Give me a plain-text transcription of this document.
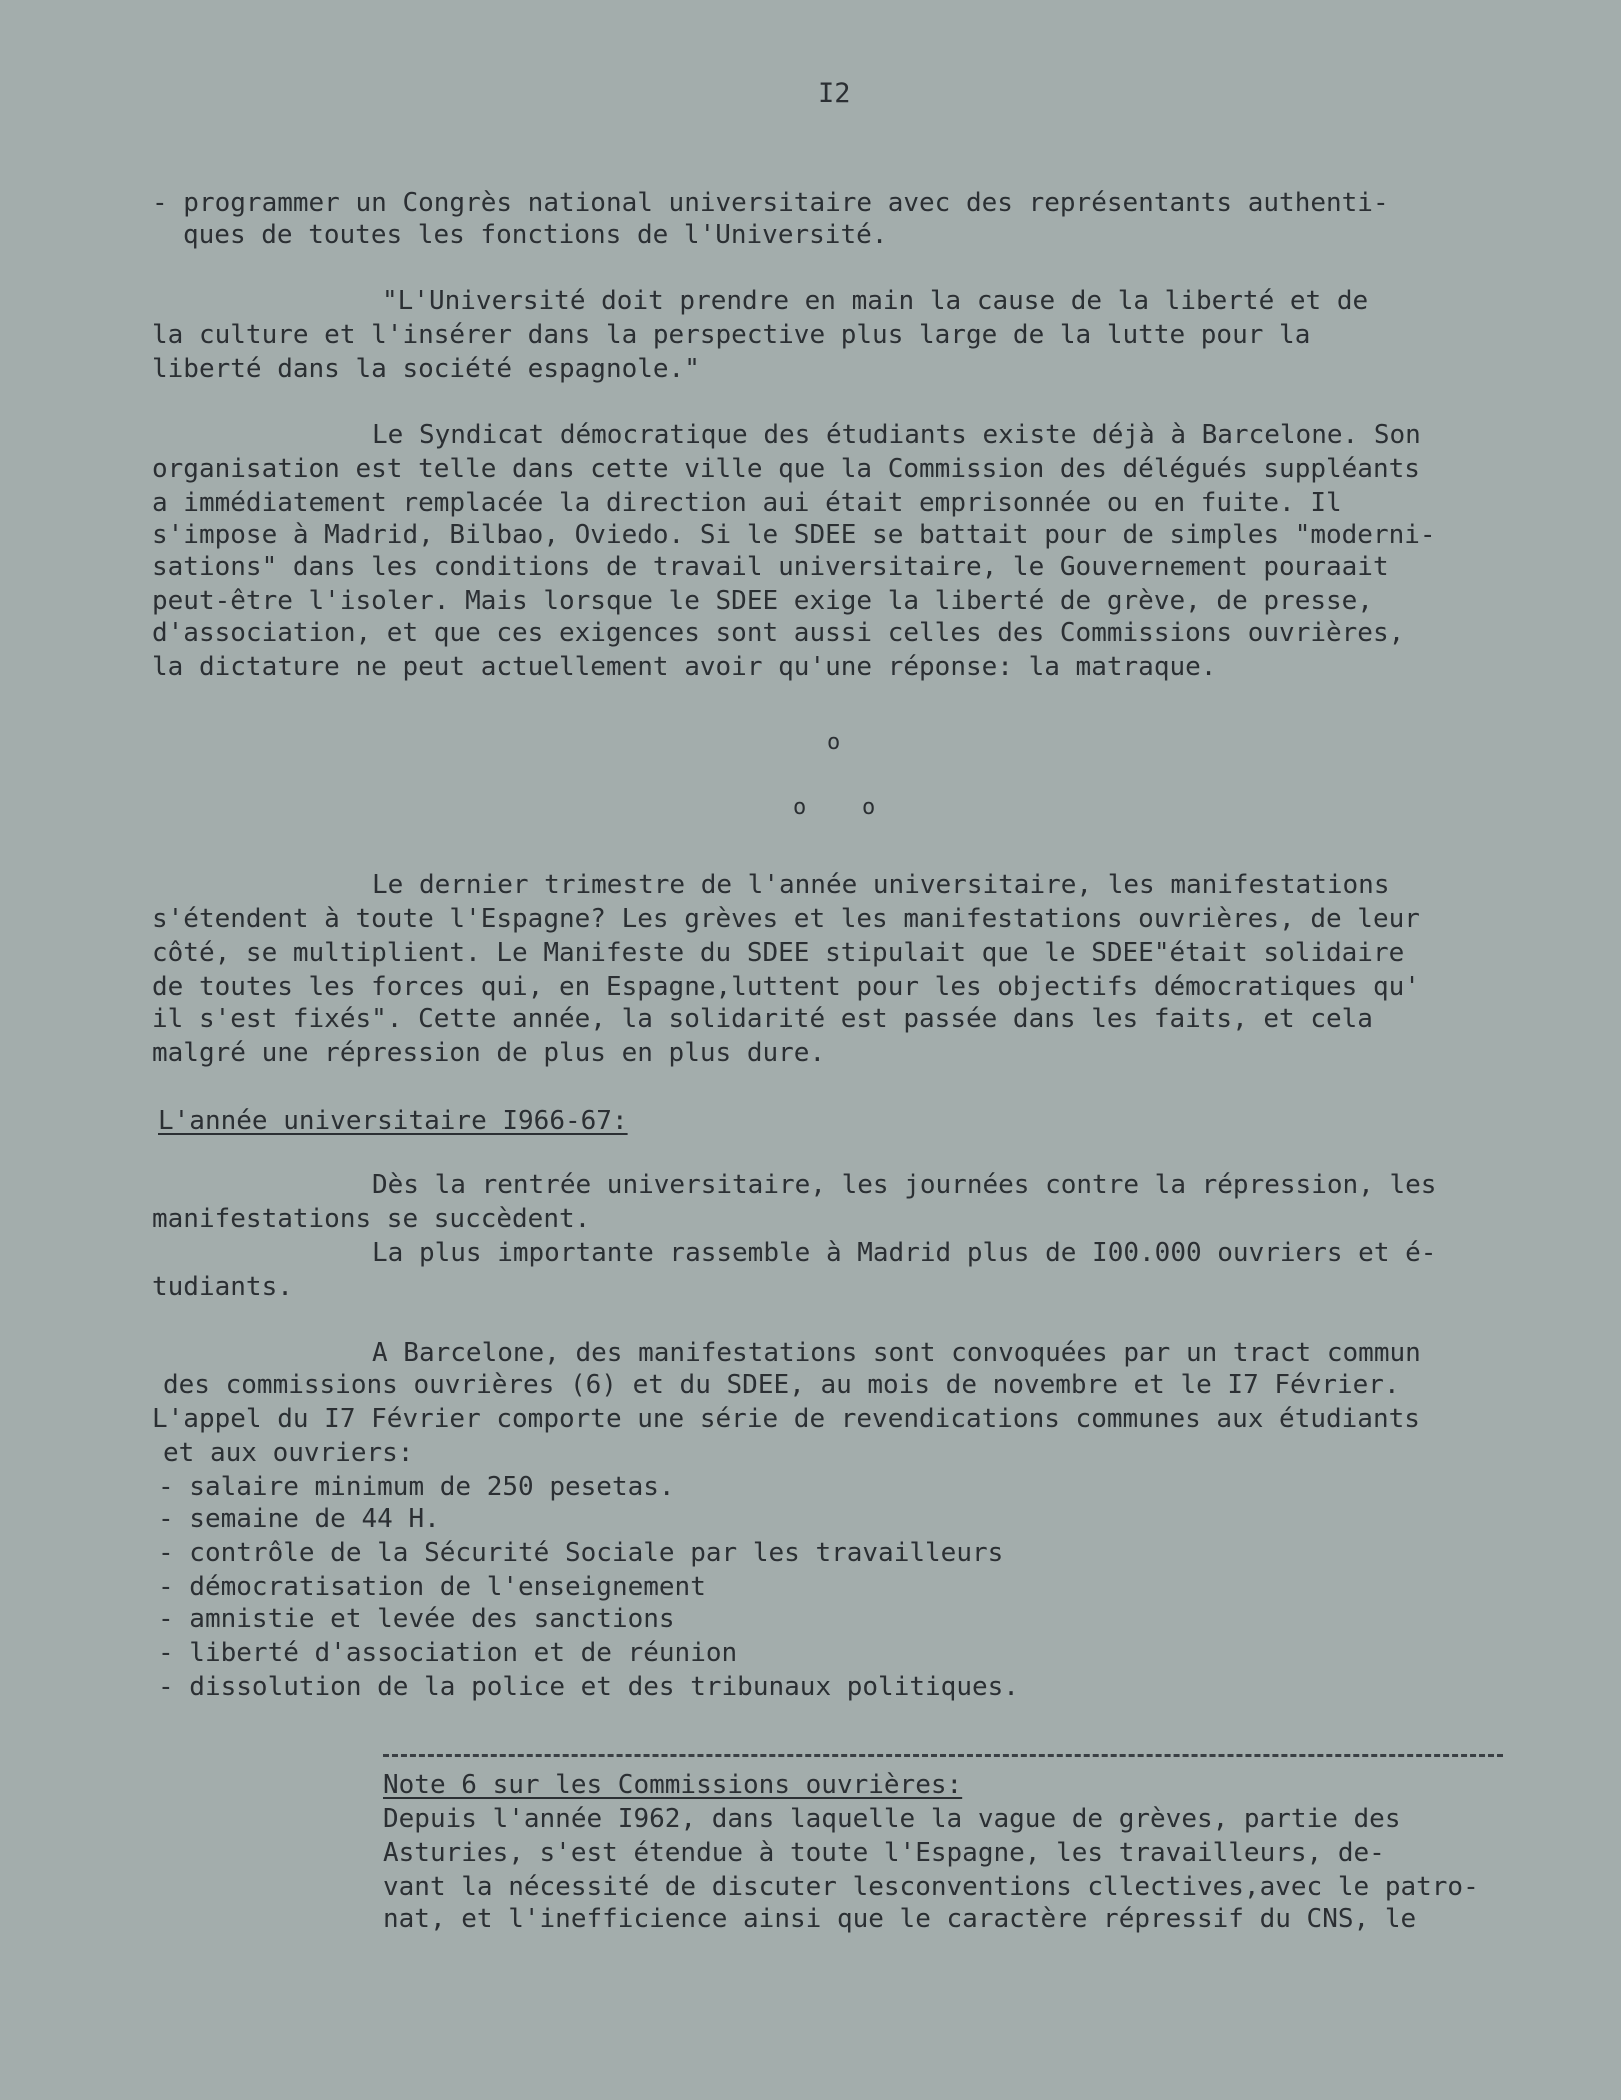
I2
- programmer un Congrès national universitaire avec des représentants authenti-
ques de toutes les fonctions de l'Université.
"L'Université doit prendre en main la cause de la liberté et de
la culture et l'insérer dans la perspective plus large de la lutte pour la
liberté dans la société espagnole."
Le Syndicat démocratique des étudiants existe déjà à Barcelone. Son
organisation est telle dans cette ville que la Commission des délégués suppléants
a immédiatement remplacée la direction aui était emprisonnée ou en fuite. Il
s'impose à Madrid, Bilbao, Oviedo. Si le SDEE se battait pour de simples "moderni-
sations" dans les conditions de travail universitaire, le Gouvernement pouraait
peut-être l'isoler. Mais lorsque le SDEE exige la liberté de grève, de presse,
d'association, et que ces exigences sont aussi celles des Commissions ouvrières,
la dictature ne peut actuellement avoir qu'une réponse: la matraque.
Le dernier trimestre de l'année universitaire, les manifestations
s'étendent à toute l'Espagne? Les grèves et les manifestations ouvrières, de leur
côté, se multiplient. Le Manifeste du SDEE stipulait que le SDEE"était solidaire
de toutes les forces qui, en Espagne,luttent pour les objectifs démocratiques qu'
il s'est fixés". Cette année, la solidarité est passée dans les faits, et cela
malgré une répression de plus en plus dure.
Dès la rentrée universitaire, les journées contre la répression, les
manifestations se succèdent.
La plus importante rassemble à Madrid plus de I00.000 ouvriers et é-
tudiants.
A Barcelone, des manifestations sont convoquées par un tract commun
des commissions ouvrières (6) et du SDEE, au mois de novembre et le I7 Février.
L'appel du I7 Février comporte une série de revendications communes aux étudiants
et aux ouvriers:
- salaire minimum de 250 pesetas.
- semaine de 44 H.
- contrôle de la Sécurité Sociale par les travailleurs
- démocratisation de l'enseignement
- amnistie et levée des sanctions
- liberté d'association et de réunion
- dissolution de la police et des tribunaux politiques.
Depuis l'année I962, dans laquelle la vague de grèves, partie des
Asturies, s'est étendue à toute l'Espagne, les travailleurs, de-
vant la nécessité de discuter lesconventions cllectives,avec le patro-
nat, et l'inefficience ainsi que le caractère répressif du CNS, le
o
o	o
L'année universitaire I966-67:
Note 6 sur les Commissions ouvrières:
